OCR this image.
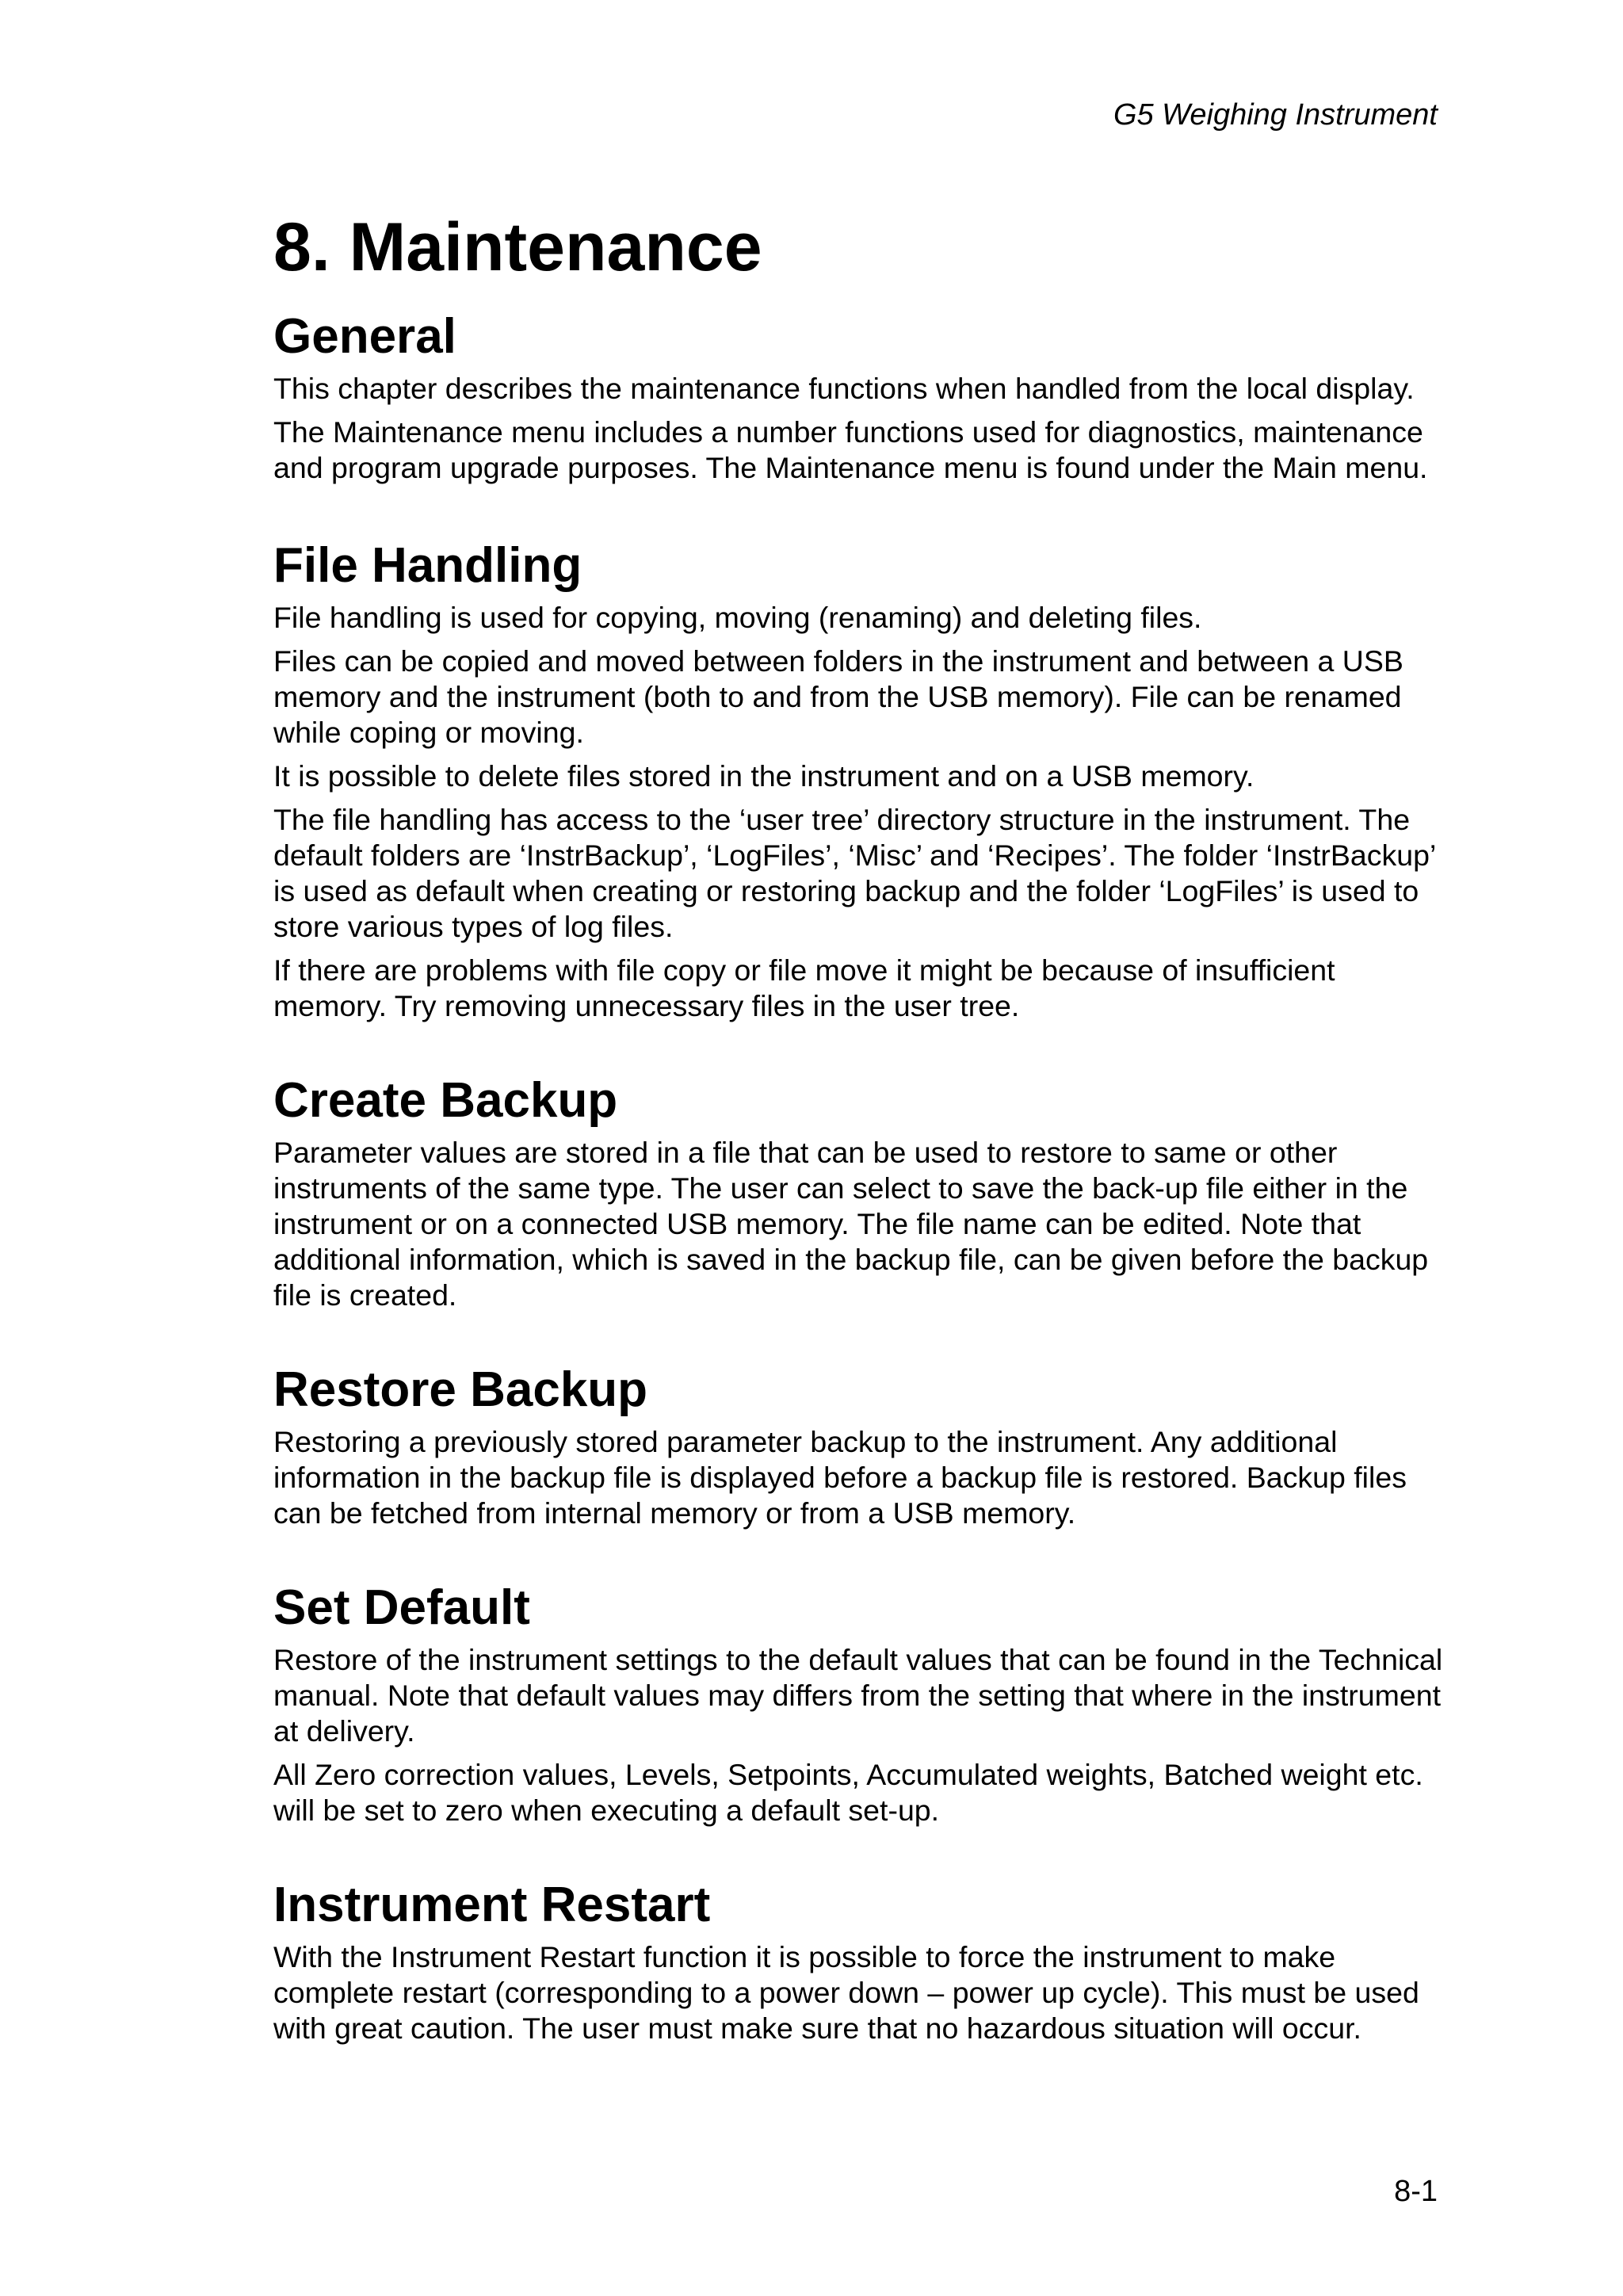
G5 Weighing Instrument

8. Maintenance
General

This chapter describes the maintenance functions when handled from the local display.

The Maintenance menu includes a number functions used for diagnostics, maintenance and program upgrade purposes. The Maintenance menu is found under the Main menu.

File Handling

File handling is used for copying, moving (renaming) and deleting files.

Files can be copied and moved between folders in the instrument and between a USB memory and the instrument (both to and from the USB memory). File can be renamed while coping or moving.

It is possible to delete files stored in the instrument and on a USB memory.

The file handling has access to the ‘user tree’ directory structure in the instrument. The default folders are ‘InstrBackup’, ‘LogFiles’, ‘Misc’ and ‘Recipes’. The folder ‘InstrBackup’ is used as default when creating or restoring backup and the folder ‘LogFiles’ is used to store various types of log files.

If there are problems with file copy or file move it might be because of insufficient memory. Try removing unnecessary files in the user tree.

Create Backup

Parameter values are stored in a file that can be used to restore to same or other instruments of the same type. The user can select to save the back-up file either in the instrument or on a connected USB memory. The file name can be edited. Note that additional information, which is saved in the backup file, can be given before the backup file is created.

Restore Backup

Restoring a previously stored parameter backup to the instrument. Any additional information in the backup file is displayed before a backup file is restored. Backup files can be fetched from internal memory or from a USB memory.

Set Default

Restore of the instrument settings to the default values that can be found in the Technical manual. Note that default values may differs from the setting that where in the instrument at delivery.

All Zero correction values, Levels, Setpoints, Accumulated weights, Batched weight etc. will be set to zero when executing a default set-up.

Instrument Restart

With the Instrument Restart function it is possible to force the instrument to make complete restart (corresponding to a power down – power up cycle). This must be used with great caution. The user must make sure that no hazardous situation will occur.

8-1
